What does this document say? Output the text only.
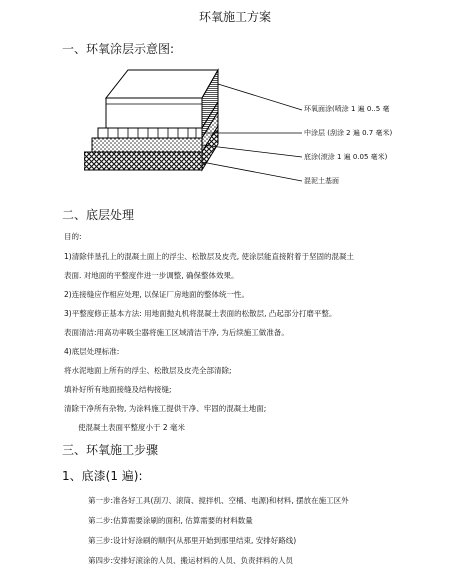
环氧施工方案
一、环氧涂层示意图:
环氧面涂(喷涂 1 遍 0..5 毫
中涂层 (刮涂 2 遍 0.7 毫米)
底涂(滚涂 1 遍 0.05 毫米)
混泥土基面
二、底层处理
目的:
1)清除伴垦孔上的混凝土面上的浮尘、松散层及皮壳, 使涂层能直接附着于坚固的混凝土
表面. 对地面的平整度作进一步调整, 确保整体效果。
2)连接缝应作相应处理, 以保证厂房地面的整体统一性。
3)平整度修正基本方法: 用地面抛丸机将混凝土表面的松散层, 凸起部分打磨平整。
表面清洁:用高功率吸尘器将施工区域清洁干净, 为后续施工做准备。
4)底层处理标准:
将水泥地面上所有的浮尘、松散层及皮壳全部清除;
填补好所有地面接缝及结构接缝;
清除干净所有杂物, 为涂料施工提供干净、牢固的混凝土地面;
使混凝土表面平整度小于 2 毫米
三、环氧施工步骤
1、底漆(1 遍):
第一步:准各好工具(刮刀、滚筒、搅拌机、空桶、电源)和材料, 摆放在施工区外
第二步:估算需要涂刷的面积, 估算需要的材料数量
第三步:设计好涂刷的顺序(从那里开始到那里结束, 安排好路线)
第四步:安排好滚涂的人员、搬运材料的人员、负责拌料的人员
